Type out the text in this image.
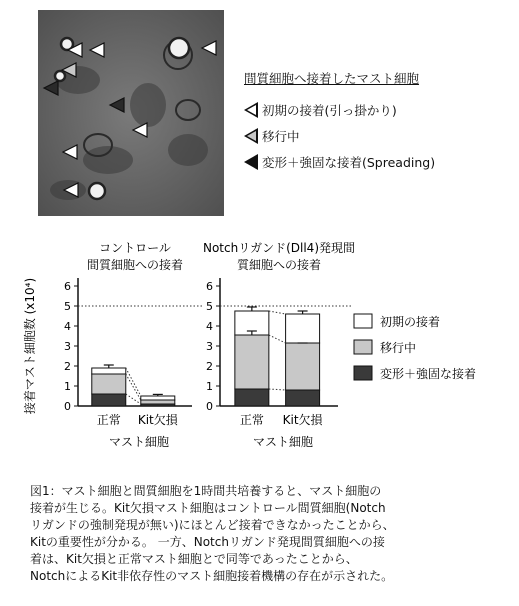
間質細胞へ接着したマスト細胞
初期の接着(引っ掛かり)
移行中
変形＋強固な接着(Spreading)
接着マスト細胞数 (x10⁴) 0
1
2
3
4
5
6
コントロール
間質細胞への接着
正常 Kit欠損
マスト細胞
0
1
2
3
4
5
6
Notchリガンド(Dll4)発現間
質細胞への接着
正常 Kit欠損
マスト細胞
初期の接着
移行中
変形＋強固な接着
図1：マスト細胞と間質細胞を1時間共培養すると、マスト細胞の
接着が生じる。Kit欠損マスト細胞はコントロール間質細胞(Notch
リガンドの強制発現が無い)にほとんど接着できなかったことから、
Kitの重要性が分かる。 一方、Notchリガンド発現間質細胞への接
着は、Kit欠損と正常マスト細胞とで同等であったことから、
NotchによるKit非依存性のマスト細胞接着機構の存在が示された。
